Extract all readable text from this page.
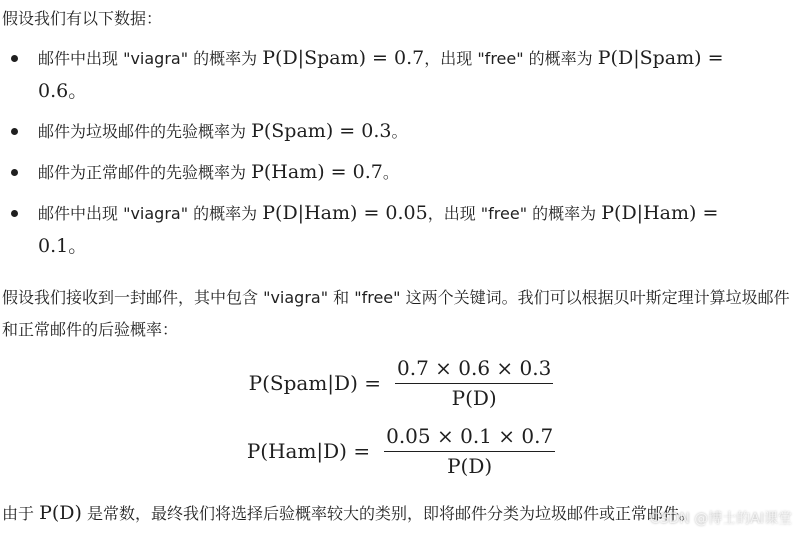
假设我们有以下数据：

邮件中出现 "viagra" 的概率为 P(D|Spam) = 0.7，出现 "free" 的概率为 P(D|Spam) =
0.6。
邮件为垃圾邮件的先验概率为 P(Spam) = 0.3。
邮件为正常邮件的先验概率为 P(Ham) = 0.7。
邮件中出现 "viagra" 的概率为 P(D|Ham) = 0.05，出现 "free" 的概率为 P(D|Ham) =
0.1。

假设我们接收到一封邮件，其中包含 "viagra" 和 "free" 这两个关键词。我们可以根据贝叶斯定理计算垃圾邮件和正常邮件的后验概率：

P(Spam|D) = $\frac{0.7 \times 0.6 \times 0.3}{P(D)}$
$P(Ham|D) = \frac{0.05 \times 0.1 \times 0.7}{P(D)}$

由于 P(D) 是常数，最终我们将选择后验概率较大的类别，即将邮件分类为垃圾邮件或正常邮件。

CSDN @博士的AI课堂
